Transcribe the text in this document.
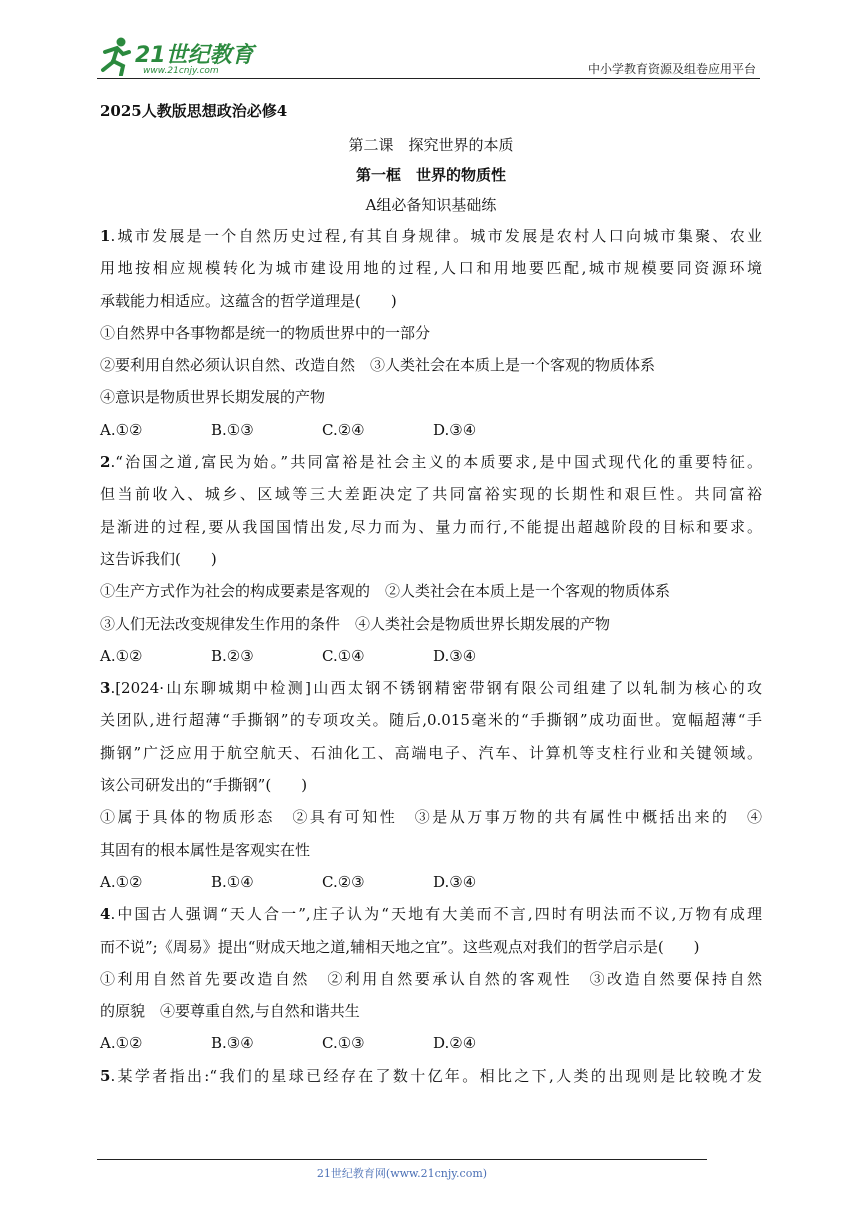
21世纪教育
www.21cnjy.com	中小学教育资源及组卷应用平台
2025人教版思想政治必修4
第二课　探究世界的本质
第一框　世界的物质性
A组必备知识基础练
1.城市发展是一个自然历史过程,有其自身规律。城市发展是农村人口向城市集聚、农业
用地按相应规模转化为城市建设用地的过程,人口和用地要匹配,城市规模要同资源环境
承载能力相适应。这蕴含的哲学道理是(　　)
①自然界中各事物都是统一的物质世界中的一部分
②要利用自然必须认识自然、改造自然　③人类社会在本质上是一个客观的物质体系
④意识是物质世界长期发展的产物
A.①②	B.①③	C.②④	D.③④
2.“治国之道,富民为始。”共同富裕是社会主义的本质要求,是中国式现代化的重要特征。
但当前收入、城乡、区域等三大差距决定了共同富裕实现的长期性和艰巨性。共同富裕
是渐进的过程,要从我国国情出发,尽力而为、量力而行,不能提出超越阶段的目标和要求。
这告诉我们(　　)
①生产方式作为社会的构成要素是客观的　②人类社会在本质上是一个客观的物质体系
③人们无法改变规律发生作用的条件　④人类社会是物质世界长期发展的产物
A.①②	B.②③	C.①④	D.③④
3.[2024·山东聊城期中检测]山西太钢不锈钢精密带钢有限公司组建了以轧制为核心的攻
关团队,进行超薄“手撕钢”的专项攻关。随后,0.015毫米的“手撕钢”成功面世。宽幅超薄“手
撕钢”广泛应用于航空航天、石油化工、高端电子、汽车、计算机等支柱行业和关键领域。
该公司研发出的“手撕钢”(　　)
①属于具体的物质形态　②具有可知性　③是从万事万物的共有属性中概括出来的　④
其固有的根本属性是客观实在性
A.①②	B.①④	C.②③	D.③④
4.中国古人强调“天人合一”,庄子认为“天地有大美而不言,四时有明法而不议,万物有成理
而不说”;《周易》提出“财成天地之道,辅相天地之宜”。这些观点对我们的哲学启示是(　　)
①利用自然首先要改造自然　②利用自然要承认自然的客观性　③改造自然要保持自然
的原貌　④要尊重自然,与自然和谐共生
A.①②	B.③④	C.①③	D.②④
5.某学者指出:“我们的星球已经存在了数十亿年。相比之下,人类的出现则是比较晚才发
21世纪教育网(www.21cnjy.com)
